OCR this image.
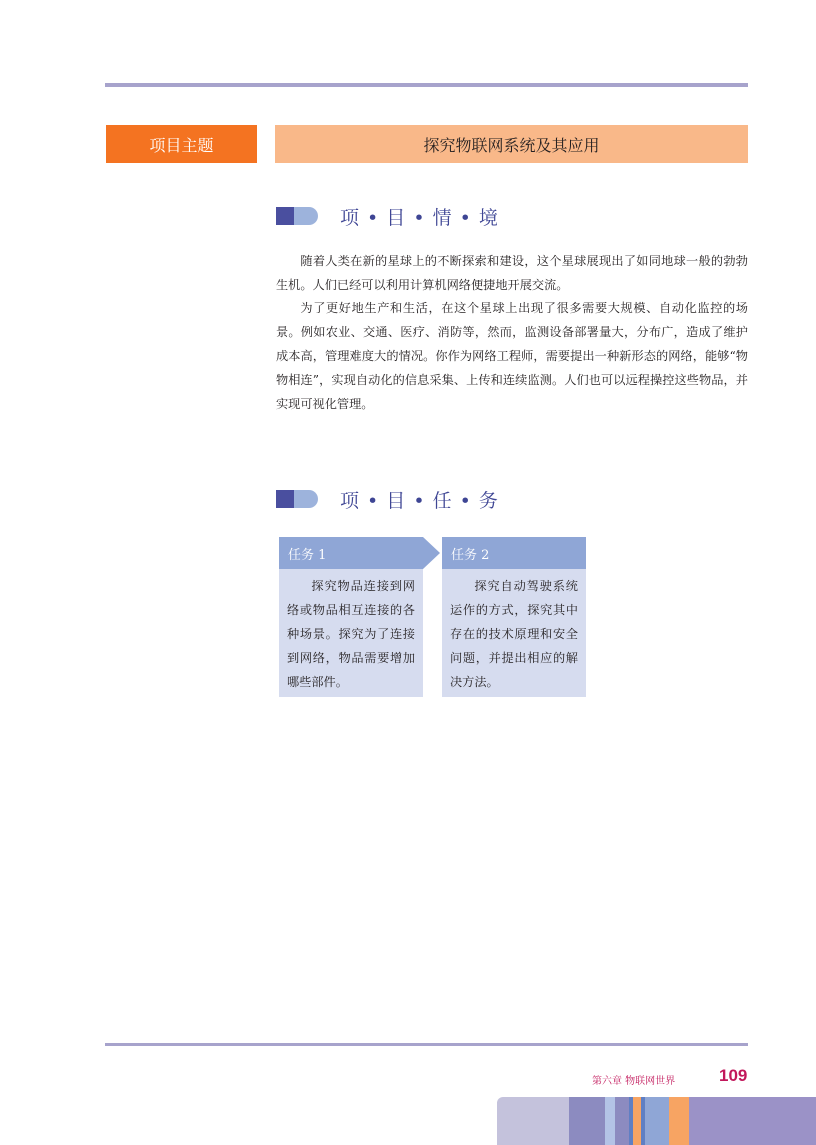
项目主题	探究物联网系统及其应用
项 • 目 • 情 • 境

随着人类在新的星球上的不断探索和建设，这个星球展现出了如同地球一般的勃勃生机。人们已经可以利用计算机网络便捷地开展交流。

为了更好地生产和生活，在这个星球上出现了很多需要大规模、自动化监控的场景。例如农业、交通、医疗、消防等，然而，监测设备部署量大，分布广，造成了维护成本高，管理难度大的情况。你作为网络工程师，需要提出一种新形态的网络，能够“物物相连”，实现自动化的信息采集、上传和连续监测。人们也可以远程操控这些物品，并实现可视化管理。

项 • 目 • 任 • 务
任务 1
探究物品连接到网络或物品相互连接的各种场景。探究为了连接到网络，物品需要增加哪些部件。
任务 2
探究自动驾驶系统运作的方式，探究其中存在的技术原理和安全问题，并提出相应的解决方法。
第六章 物联网世界	109
